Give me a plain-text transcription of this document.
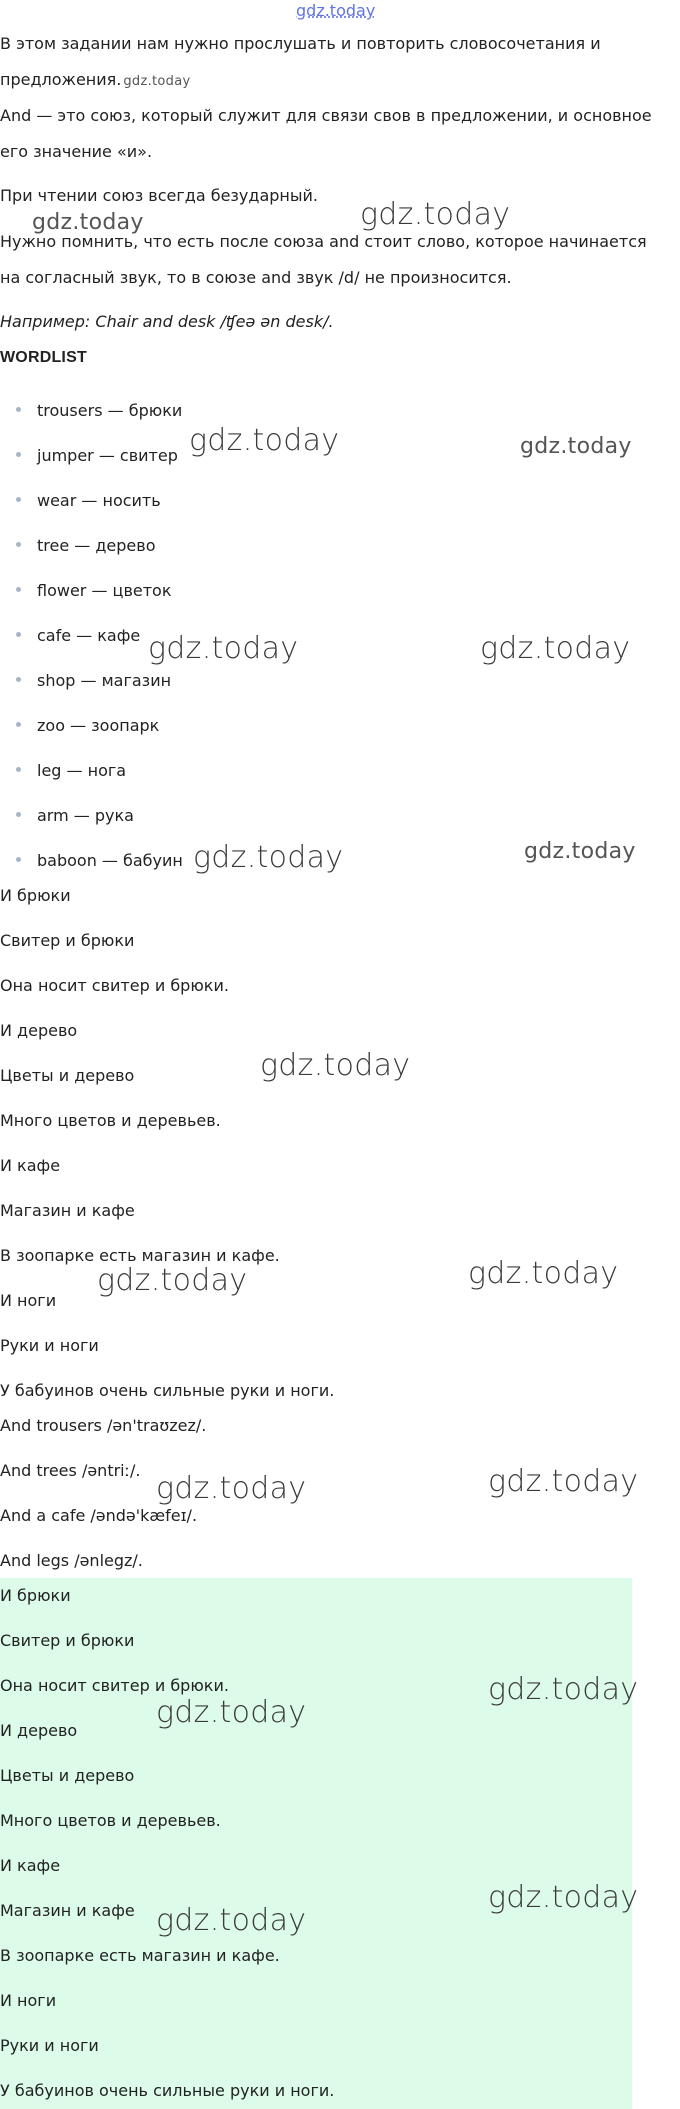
gdz.today
В этом задании нам нужно прослушать и повторить словосочетания и предложения. gdz.today
And — это союз, который служит для связи свов в предложении, и основное его значение «и».
При чтении союз всегда безударный.
Нужно помнить, что есть после союза and стоит слово, которое начинается на согласный звук, то в союзе and звук /d/ не произносится.
Например: Chair and desk /ʧeə ən desk/.
WORDLIST
trousers — брюки
jumper — свитер
wear — носить
tree — дерево
flower — цветок
cafe — кафе
shop — магазин
zoo — зоопарк
leg — нога
arm — рука
baboon — бабуин
И брюки
Свитер и брюки
Она носит свитер и брюки.
И дерево
Цветы и дерево
Много цветов и деревьев.
И кафе
Магазин и кафе
В зоопарке есть магазин и кафе.
И ноги
Руки и ноги
У бабуинов очень сильные руки и ноги.
And trousers /ən'traʊzez/.
And trees /əntriː/.
And a cafe /əndə'kæfeɪ/.
And legs /ənlegz/.
И брюки
Свитер и брюки
Она носит свитер и брюки.
И дерево
Цветы и дерево
Много цветов и деревьев.
И кафе
Магазин и кафе
В зоопарке есть магазин и кафе.
И ноги
Руки и ноги
У бабуинов очень сильные руки и ноги.
gdz.today	gdz.today
gdz.today	gdz.today
gdz.today	gdz.today
gdz.today	gdz.today
gdz.today
gdz.today	gdz.today
gdz.today	gdz.today
gdz.today
gdz.today
gdz.today
gdz.today
